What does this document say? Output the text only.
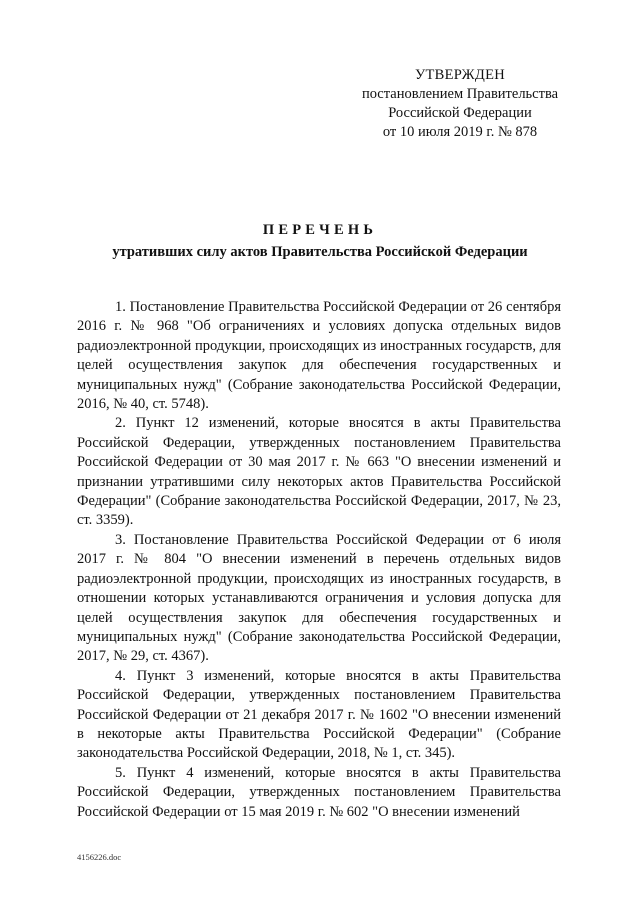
УТВЕРЖДЕН
постановлением Правительства
Российской Федерации
от 10 июля 2019 г. № 878
ПЕРЕЧЕНЬ
утративших силу актов Правительства Российской Федерации

1. Постановление Правительства Российской Федерации от 26 сентября 2016 г. № 968 "Об ограничениях и условиях допуска отдельных видов радиоэлектронной продукции, происходящих из иностранных государств, для целей осуществления закупок для обеспечения государственных и муниципальных нужд" (Собрание законодательства Российской Федерации, 2016, № 40, ст. 5748).

2. Пункт 12 изменений, которые вносятся в акты Правительства Российской Федерации, утвержденных постановлением Правительства Российской Федерации от 30 мая 2017 г. № 663 "О внесении изменений и признании утратившими силу некоторых актов Правительства Российской Федерации" (Собрание законодательства Российской Федерации, 2017, № 23, ст. 3359).

3. Постановление Правительства Российской Федерации от 6 июля 2017 г. № 804 "О внесении изменений в перечень отдельных видов радиоэлектронной продукции, происходящих из иностранных государств, в отношении которых устанавливаются ограничения и условия допуска для целей осуществления закупок для обеспечения государственных и муниципальных нужд" (Собрание законодательства Российской Федерации, 2017, № 29, ст. 4367).

4. Пункт 3 изменений, которые вносятся в акты Правительства Российской Федерации, утвержденных постановлением Правительства Российской Федерации от 21 декабря 2017 г. № 1602 "О внесении изменений в некоторые акты Правительства Российской Федерации" (Собрание законодательства Российской Федерации, 2018, № 1, ст. 345).

5. Пункт 4 изменений, которые вносятся в акты Правительства Российской Федерации, утвержденных постановлением Правительства Российской Федерации от 15 мая 2019 г. № 602 "О внесении изменений

4156226.doc
